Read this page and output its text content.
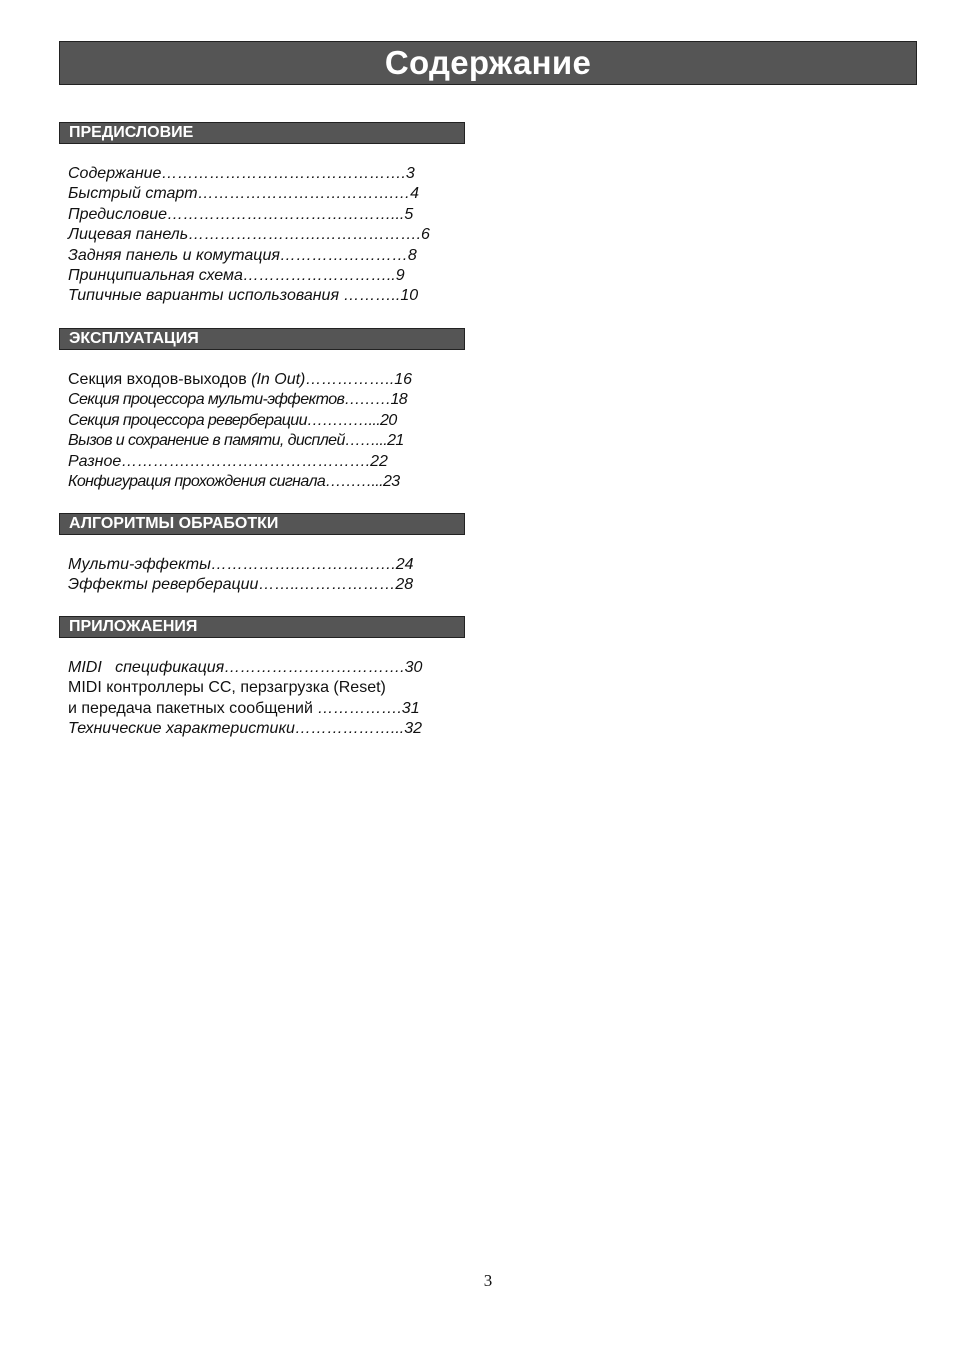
Содержание
ПРЕДИСЛОВИЕ
Содержание……………………………………….3
Быстрый старт……………………………….…4
Предисловие……………………………………...5
Лицевая панель…………………….……………….6
Задняя панель и комутация……………………8
Принципиальная схема………………………..9
Типичные варианты использования ………..10
ЭКСПЛУАТАЦИЯ
Секция входов-выходов (In Out)……………..16
Секция процессора мульти-эффектов………18
Секция процессора реверберации…………...20
Вызов и сохранение в памяти, дисплей……...21
Разное………….…………………………….22
Конфигурация прохождения сигнала………...23
АЛГОРИТМЫ ОБРАБОТКИ
Мульти-эффекты…………….……………….24
Эффекты реверберации……..………………28
ПРИЛОЖАЕНИЯ
MIDI   спецификация…………………………….30
MIDI контроллеры СС, перзагрузка (Reset)
и передача пакетных сообщений …………….31
Технические характеристики………………...32
3
